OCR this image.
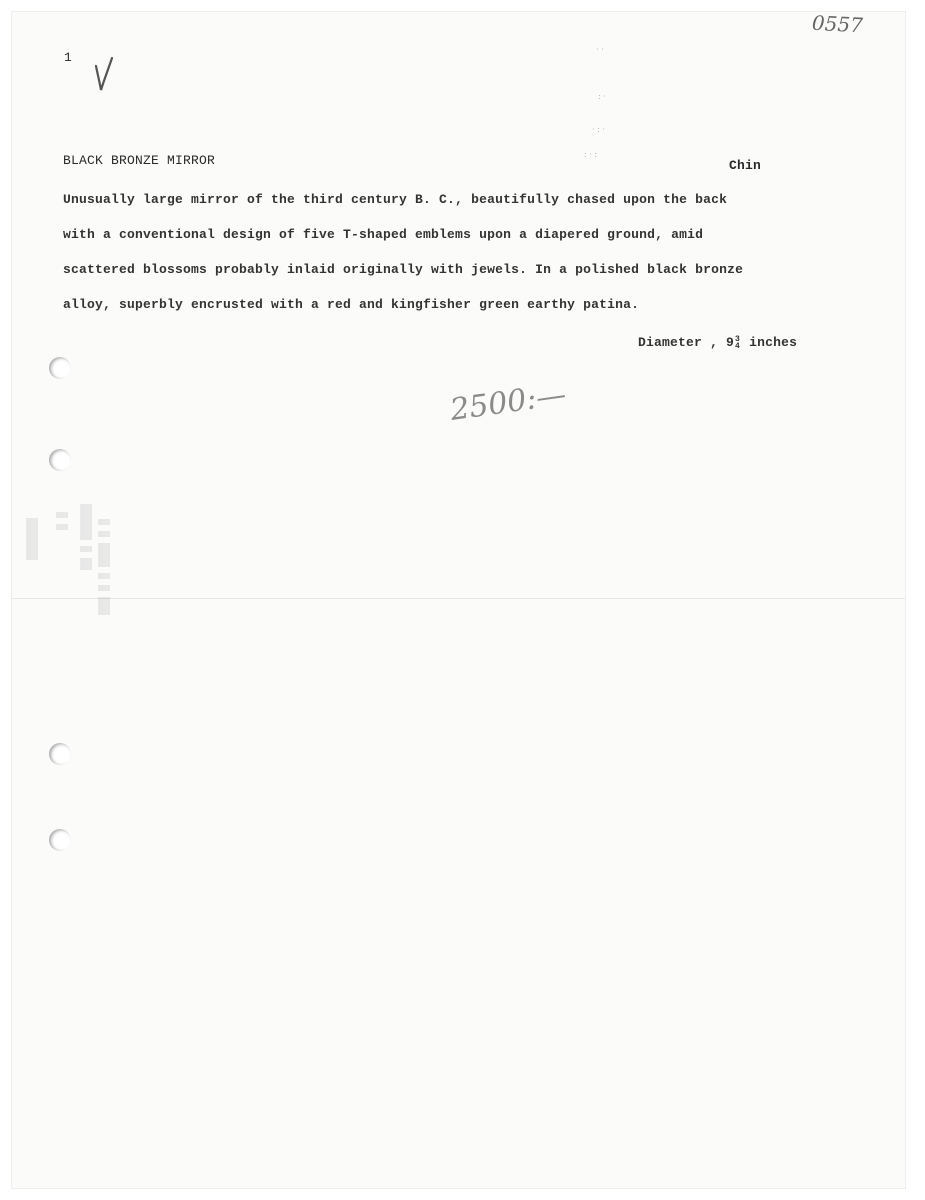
1
0557
BLACK BRONZE MIRROR	Chin
Unusually large mirror of the third century B. C., beautifully chased upon the back
with a conventional design of five T-shaped emblems upon a diapered ground, amid
scattered blossoms probably inlaid originally with jewels. In a polished black bronze
alloy, superbly encrusted with a red and kingfisher green earthy patina.
Diameter , 9 3
4 inches
2500:—
▒▒▒▒▒▒▒ ▒ ▒ ▒▒ ▒ ▒▒▒▒▒▒ ▒▒▒ ▒ ▒ ▒▒▒▒ ▒ ▒
· ·
: ·
· : ·
: · :
